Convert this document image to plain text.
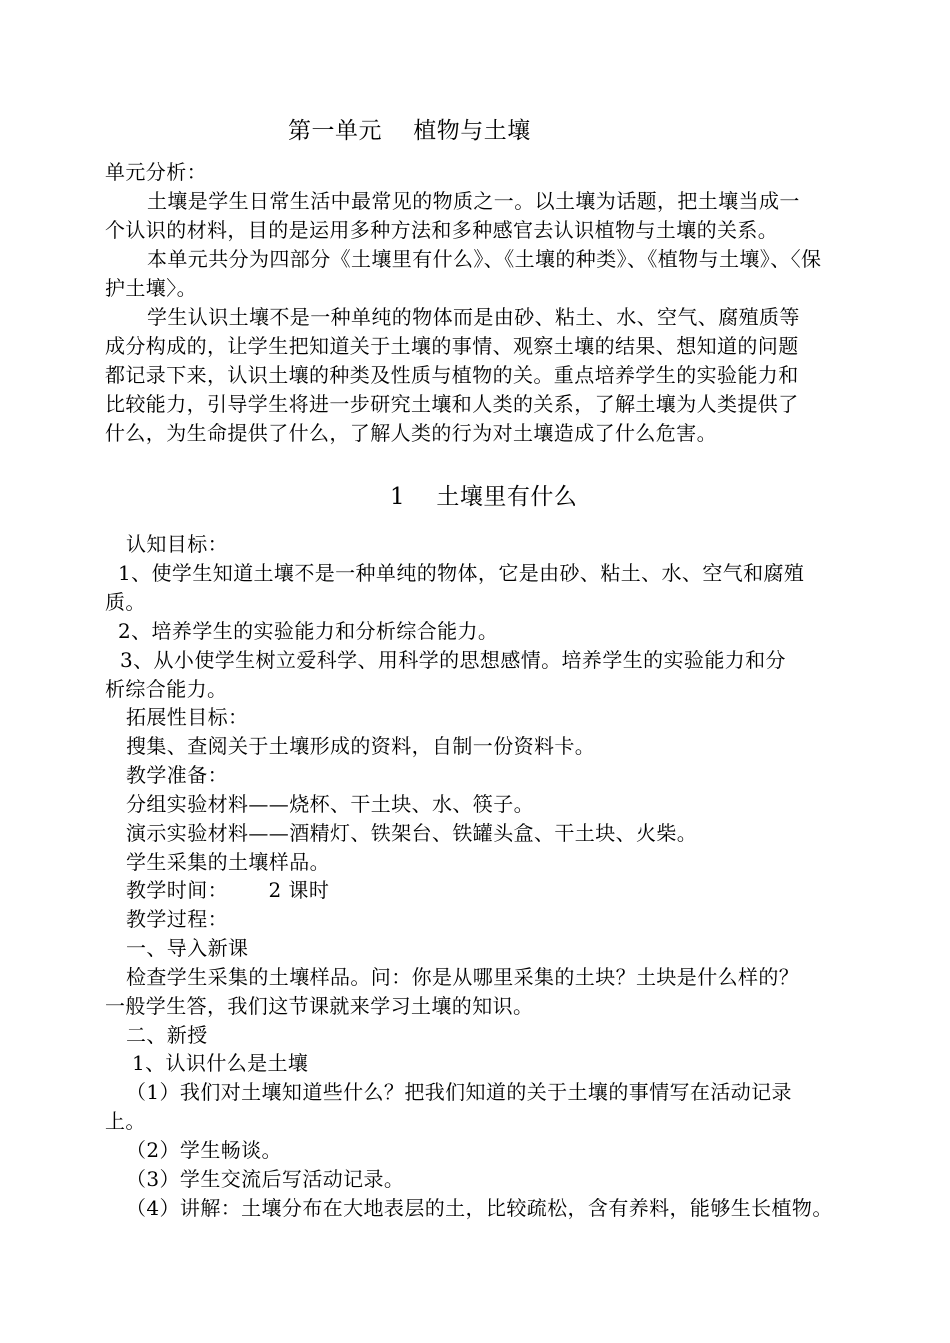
第一单元    植物与土壤
单元分析：
土壤是学生日常生活中最常见的物质之一。以土壤为话题，把土壤当成一
个认识的材料，目的是运用多种方法和多种感官去认识植物与土壤的关系。
本单元共分为四部分《土壤里有什么》、《土壤的种类》、《植物与土壤》、〈保
护土壤〉。
学生认识土壤不是一种单纯的物体而是由砂、粘土、水、空气、腐殖质等
成分构成的，让学生把知道关于土壤的事情、观察土壤的结果、想知道的问题
都记录下来，认识土壤的种类及性质与植物的关。重点培养学生的实验能力和
比较能力，引导学生将进一步研究土壤和人类的关系，了解土壤为人类提供了
什么，为生命提供了什么，了解人类的行为对土壤造成了什么危害。
1    土壤里有什么
认知目标：
1、使学生知道土壤不是一种单纯的物体，它是由砂、粘土、水、空气和腐殖
质。
2、培养学生的实验能力和分析综合能力。
3、从小使学生树立爱科学、用科学的思想感情。培养学生的实验能力和分
析综合能力。
拓展性目标：
搜集、查阅关于土壤形成的资料，自制一份资料卡。
教学准备：
分组实验材料——烧杯、干土块、水、筷子。
演示实验材料——酒精灯、铁架台、铁罐头盒、干土块、火柴。
学生采集的土壤样品。
教学时间：      2 课时
教学过程：
一、导入新课
检查学生采集的土壤样品。问：你是从哪里采集的土块？土块是什么样的？
一般学生答，我们这节课就来学习土壤的知识。
二、新授
1、认识什么是土壤
（1）我们对土壤知道些什么？把我们知道的关于土壤的事情写在活动记录
上。
（2）学生畅谈。
（3）学生交流后写活动记录。
（4）讲解：土壤分布在大地表层的土，比较疏松，含有养料，能够生长植物。
